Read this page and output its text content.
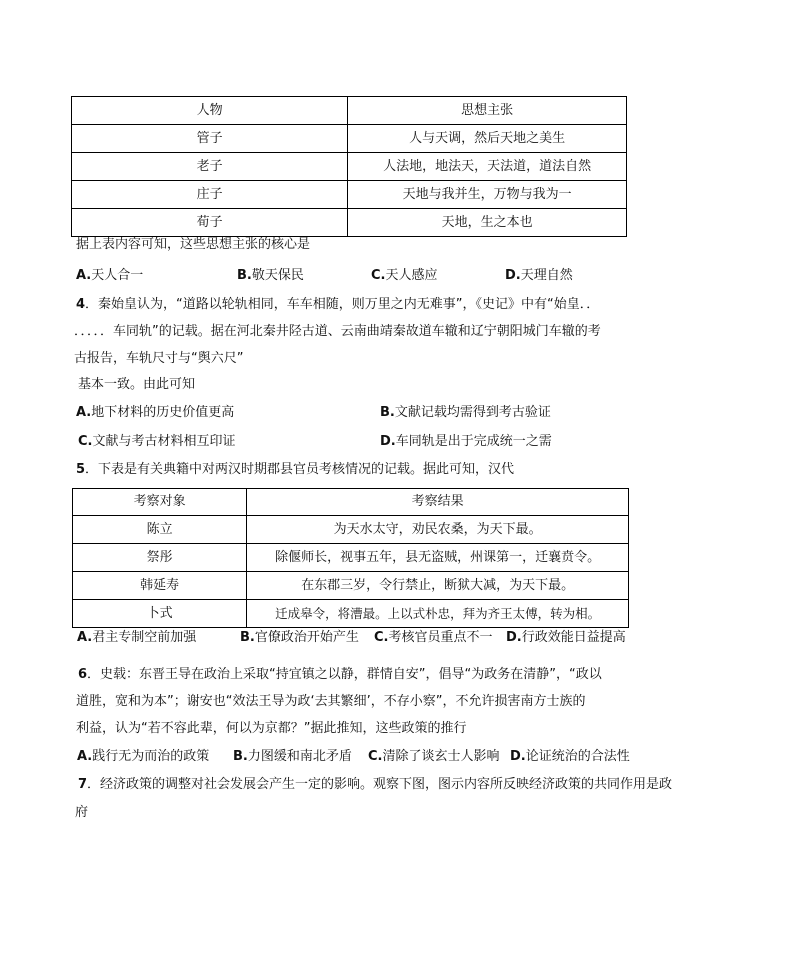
人物	思想主张
管子	人与天调，然后天地之美生
老子	人法地，地法天，天法道，道法自然
庄子	天地与我并生，万物与我为一
荀子	天地，生之本也
据上表内容可知，这些思想主张的核心是
A.天人合一	B.敬天保民	C.天人感应	D.天理自然
4．秦始皇认为，“道路以轮轨相同，车车相随，则万里之内无难事”，《史记》中有“始皇．．
．．．．．车同轨”的记载。据在河北秦井陉古道、云南曲靖秦故道车辙和辽宁朝阳城门车辙的考
古报告，车轨尺寸与“舆六尺”
基本一致。由此可知
A.地下材料的历史价值更高	B.文献记载均需得到考古验证
C.文献与考古材料相互印证	D.车同轨是出于完成统一之需
5．下表是有关典籍中对两汉时期郡县官员考核情况的记载。据此可知，汉代
考察对象	考察结果
陈立	为天水太守，劝民农桑，为天下最。
祭彤	除偃师长，视事五年，县无盗贼，州课第一，迁襄贲令。
韩延寿	在东郡三岁，令行禁止，断狱大减，为天下最。
卜式	迁成皋令，将漕最。上以式朴忠，拜为齐王太傅，转为相。
A.君主专制空前加强	B.官僚政治开始产生 C.考核官员重点不一 D.行政效能日益提高
6．史载：东晋王导在政治上采取“持宜镇之以静，群情自安”，倡导“为政务在清静”，“政以
道胜，宽和为本”；谢安也“效法王导为政‘去其繁细’，不存小察”，不允许损害南方士族的
利益，认为“若不容此辈，何以为京都？”据此推知，这些政策的推行
A.践行无为而治的政策 B.力图缓和南北矛盾 C.清除了谈玄士人影响 D.论证统治的合法性
7．经济政策的调整对社会发展会产生一定的影响。观察下图，图示内容所反映经济政策的共同作用是政
府
